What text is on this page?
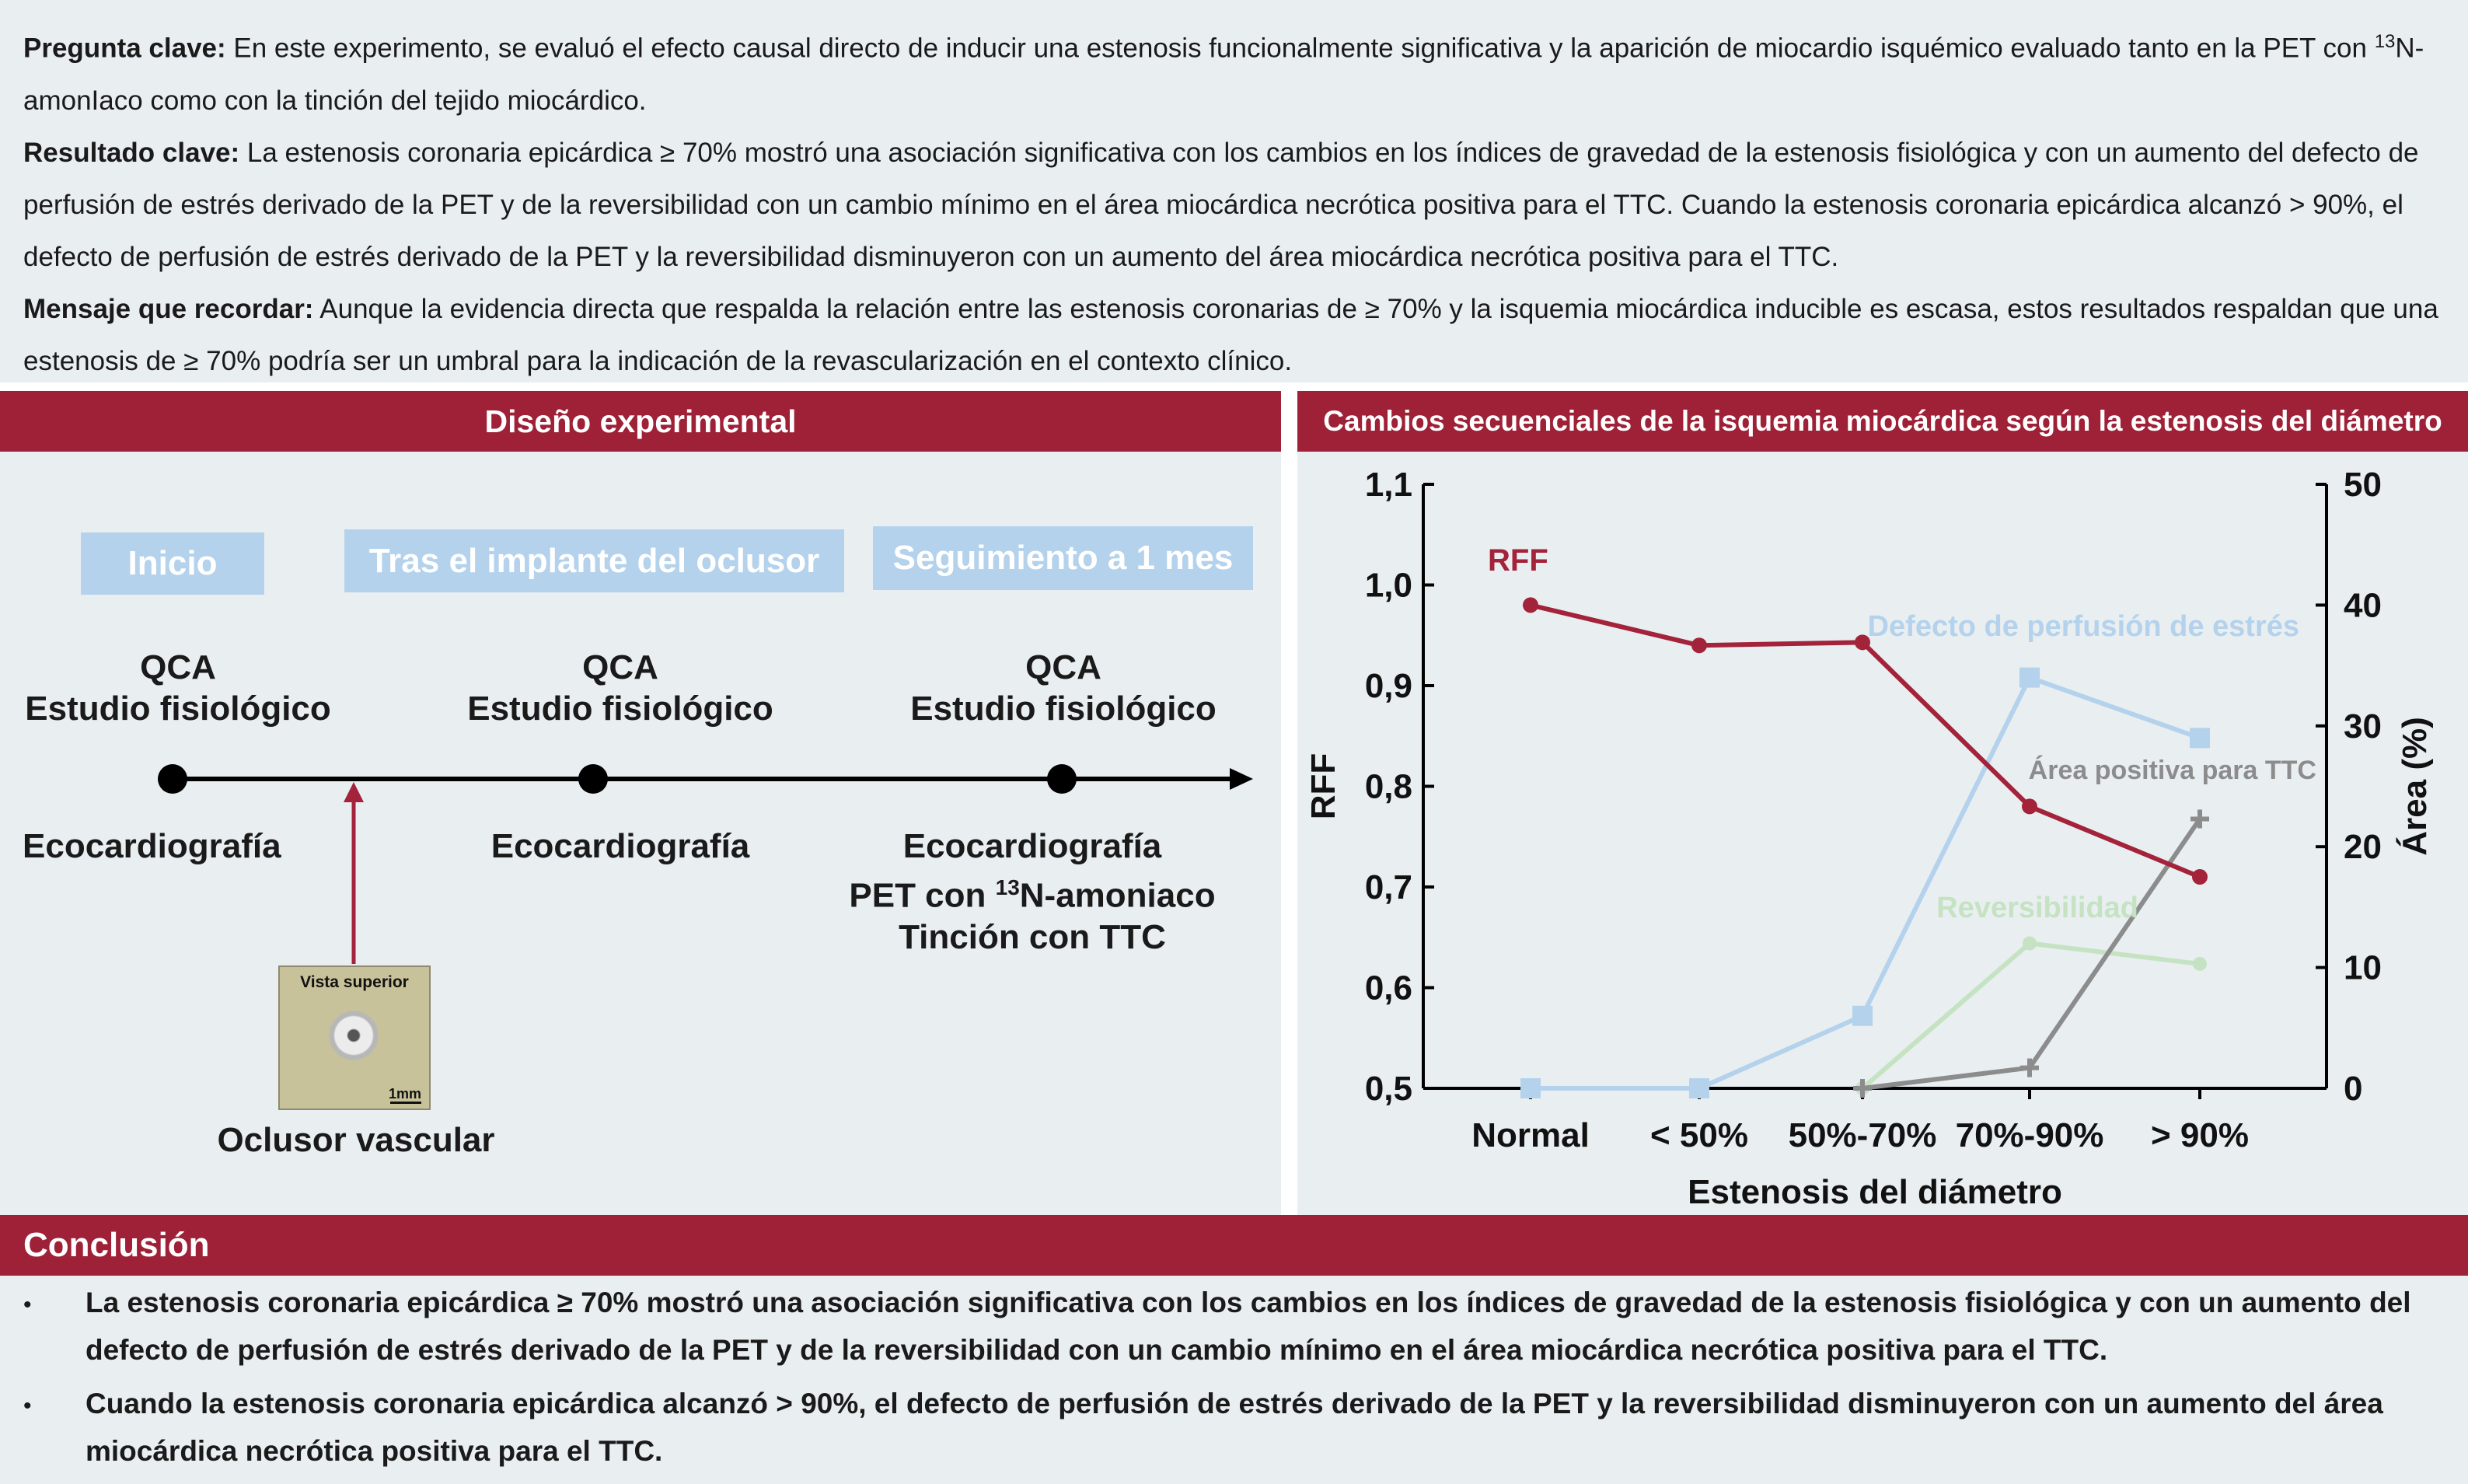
Pregunta clave: En este experimento, se evaluó el efecto causal directo de inducir una estenosis funcionalmente significativa y la aparición de miocardio isquémico evaluado tanto en la PET con $^{13}$N-amonIaco como con la tinción del tejido miocárdico.
Resultado clave: La estenosis coronaria epicárdica ≥ 70% mostró una asociación significativa con los cambios en los índices de gravedad de la estenosis fisiológica y con un aumento del defecto de perfusión de estrés derivado de la PET y de la reversibilidad con un cambio mínimo en el área miocárdica necrótica positiva para el TTC. Cuando la estenosis coronaria epicárdica alcanzó > 90%, el defecto de perfusión de estrés derivado de la PET y la reversibilidad disminuyeron con un aumento del área miocárdica necrótica positiva para el TTC.
Mensaje que recordar: Aunque la evidencia directa que respalda la relación entre las estenosis coronarias de ≥ 70% y la isquemia miocárdica inducible es escasa, estos resultados respaldan que una estenosis de ≥ 70% podría ser un umbral para la indicación de la revascularización en el contexto clínico.
Diseño experimental
Inicio	Tras el implante del oclusor	Seguimiento a 1 mes
QCA
Estudio fisiológico
QCA
Estudio fisiológico
QCA
Estudio fisiológico
Ecocardiografía	Ecocardiografía	Ecocardiografía
PET con $^{13}$N-amoniaco
Tinción con TTC
Vista superior
1mm
Oclusor vascular
Cambios secuenciales de la isquemia miocárdica según la estenosis del diámetro
0,5
0,6
0,7
0,8
0,9
1,0
1,1
0
10
20
30
40
50
Normal < 50% 50%-70% 70%-90% > 90%
Estenosis del diámetro
RFF	Área (%)
RFF
Defecto de perfusión de estrés
Área positiva para TTC
Reversibilidad
Conclusión
• La estenosis coronaria epicárdica ≥ 70% mostró una asociación significativa con los cambios en los índices de gravedad de la estenosis fisiológica y con un aumento del defecto de perfusión de estrés derivado de la PET y de la reversibilidad con un cambio mínimo en el área miocárdica necrótica positiva para el TTC.
• Cuando la estenosis coronaria epicárdica alcanzó > 90%, el defecto de perfusión de estrés derivado de la PET y la reversibilidad disminuyeron con un aumento del área miocárdica necrótica positiva para el TTC.
